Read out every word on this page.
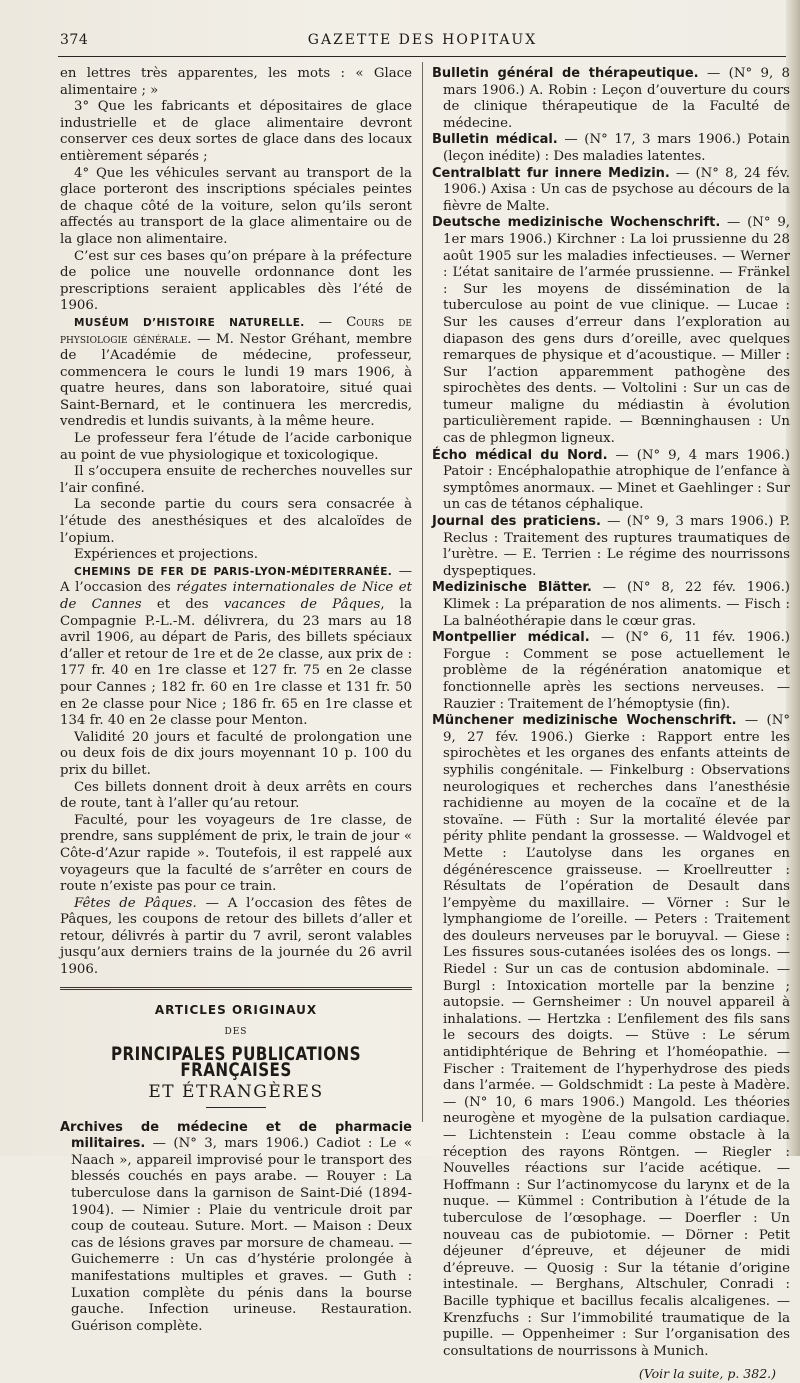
374	GAZETTE DES HOPITAUX

en lettres très apparentes, les mots : « Glace alimentaire ; »

3° Que les fabricants et dépositaires de glace industrielle et de glace alimentaire devront conserver ces deux sortes de glace dans des locaux entièrement séparés ;

4° Que les véhicules servant au transport de la glace porteront des inscriptions spéciales peintes de chaque côté de la voiture, selon qu’ils seront affectés au transport de la glace alimentaire ou de la glace non alimentaire.

C’est sur ces bases qu’on prépare à la préfecture de police une nouvelle ordonnance dont les prescriptions seraient applicables dès l’été de 1906.

MUSÉUM D’HISTOIRE NATURELLE. — Cours de physiologie générale. — M. Nestor Gréhant, membre de l’Académie de médecine, professeur, commencera le cours le lundi 19 mars 1906, à quatre heures, dans son laboratoire, situé quai Saint-Bernard, et le continuera les mercredis, vendredis et lundis suivants, à la même heure.

Le professeur fera l’étude de l’acide carbonique au point de vue physiologique et toxicologique.

Il s’occupera ensuite de recherches nouvelles sur l’air confiné.

La seconde partie du cours sera consacrée à l’étude des anesthésiques et des alcaloïdes de l’opium.

Expériences et projections.

CHEMINS DE FER DE PARIS-LYON-MÉDITERRANÉE. — A l’occasion des régates internationales de Nice et de Cannes et des vacances de Pâques, la Compagnie P.-L.-M. délivrera, du 23 mars au 18 avril 1906, au départ de Paris, des billets spéciaux d’aller et retour de 1re et de 2e classe, aux prix de : 177 fr. 40 en 1re classe et 127 fr. 75 en 2e classe pour Cannes ; 182 fr. 60 en 1re classe et 131 fr. 50 en 2e classe pour Nice ; 186 fr. 65 en 1re classe et 134 fr. 40 en 2e classe pour Menton.

Validité 20 jours et faculté de prolongation une ou deux fois de dix jours moyennant 10 p. 100 du prix du billet.

Ces billets donnent droit à deux arrêts en cours de route, tant à l’aller qu’au retour.

Faculté, pour les voyageurs de 1re classe, de prendre, sans supplément de prix, le train de jour « Côte-d’Azur rapide ». Toutefois, il est rappelé aux voyageurs que la faculté de s’arrêter en cours de route n’existe pas pour ce train.

Fêtes de Pâques. — A l’occasion des fêtes de Pâques, les coupons de retour des billets d’aller et retour, délivrés à partir du 7 avril, seront valables jusqu’aux derniers trains de la journée du 26 avril 1906.

ARTICLES ORIGINAUX
DES
PRINCIPALES PUBLICATIONS FRANÇAISES
ET ÉTRANGÈRES

Archives de médecine et de pharmacie militaires. — (N° 3, mars 1906.) Cadiot : Le « Naach », appareil improvisé pour le transport des blessés couchés en pays arabe. — Rouyer : La tuberculose dans la garnison de Saint-Dié (1894-1904). — Nimier : Plaie du ventricule droit par coup de couteau. Suture. Mort. — Maison : Deux cas de lésions graves par morsure de chameau. — Guichemerre : Un cas d’hystérie prolongée à manifestations multiples et graves. — Guth : Luxation complète du pénis dans la bourse gauche. Infection urineuse. Restauration. Guérison complète.

Bulletin général de thérapeutique. — (N° 9, 8 mars 1906.) A. Robin : Leçon d’ouverture du cours de clinique thérapeutique de la Faculté de médecine.

Bulletin médical. — (N° 17, 3 mars 1906.) Potain (leçon inédite) : Des maladies latentes.

Centralblatt fur innere Medizin. — (N° 8, 24 fév. 1906.) Axisa : Un cas de psychose au décours de la fièvre de Malte.

Deutsche medizinische Wochenschrift. — (N° 9, 1er mars 1906.) Kirchner : La loi prussienne du 28 août 1905 sur les maladies infectieuses. — Werner : L’état sanitaire de l’armée prussienne. — Fränkel : Sur les moyens de dissémination de la tuberculose au point de vue clinique. — Lucae : Sur les causes d’erreur dans l’exploration au diapason des gens durs d’oreille, avec quelques remarques de physique et d’acoustique. — Miller : Sur l’action apparemment pathogène des spirochètes des dents. — Voltolini : Sur un cas de tumeur maligne du médiastin à évolution particulièrement rapide. — Bœnninghausen : Un cas de phlegmon ligneux.

Écho médical du Nord. — (N° 9, 4 mars 1906.) Patoir : Encéphalopathie atrophique de l’enfance à symptômes anormaux. — Minet et Gaehlinger : Sur un cas de tétanos céphalique.

Journal des praticiens. — (N° 9, 3 mars 1906.) P. Reclus : Traitement des ruptures traumatiques de l’urètre. — E. Terrien : Le régime des nourrissons dyspeptiques.

Medizinische Blätter. — (N° 8, 22 fév. 1906.) Klimek : La préparation de nos aliments. — Fisch : La balnéothérapie dans le cœur gras.

Montpellier médical. — (N° 6, 11 fév. 1906.) Forgue : Comment se pose actuellement le problème de la régénération anatomique et fonctionnelle après les sections nerveuses. — Rauzier : Traitement de l’hémoptysie (fin).

Münchener medizinische Wochenschrift. — (N° 9, 27 fév. 1906.) Gierke : Rapport entre les spirochètes et les organes des enfants atteints de syphilis congénitale. — Finkelburg : Observations neurologiques et recherches dans l’anesthésie rachidienne au moyen de la cocaïne et de la stovaïne. — Füth : Sur la mortalité élevée par périty phlite pendant la grossesse. — Waldvogel et Mette : L’autolyse dans les organes en dégénérescence graisseuse. — Kroellreutter : Résultats de l’opération de Desault dans l’empyème du maxillaire. — Vörner : Sur le lymphangiome de l’oreille. — Peters : Traitement des douleurs nerveuses par le boruyval. — Giese : Les fissures sous-cutanées isolées des os longs. — Riedel : Sur un cas de contusion abdominale. — Burgl : Intoxication mortelle par la benzine ; autopsie. — Gernsheimer : Un nouvel appareil à inhalations. — Hertzka : L’enfilement des fils sans le secours des doigts. — Stüve : Le sérum antidiphtérique de Behring et l’homéopathie. — Fischer : Traitement de l’hyperhydrose des pieds dans l’armée. — Goldschmidt : La peste à Madère. — (N° 10, 6 mars 1906.) Mangold. Les théories neurogène et myogène de la pulsation cardiaque. — Lichtenstein : L’eau comme obstacle à la réception des rayons Röntgen. — Riegler : Nouvelles réactions sur l’acide acétique. — Hoffmann : Sur l’actinomycose du larynx et de la nuque. — Kümmel : Contribution à l’étude de la tuberculose de l’œsophage. — Doerfler : Un nouveau cas de pubiotomie. — Dörner : Petit déjeuner d’épreuve, et déjeuner de midi d’épreuve. — Quosig : Sur la tétanie d’origine intestinale. — Berghans, Altschuler, Conradi : Bacille typhique et bacillus fecalis alcaligenes. — Krenzfuchs : Sur l’immobilité traumatique de la pupille. — Oppenheimer : Sur l’organisation des consultations de nourrissons à Munich.

(Voir la suite, p. 382.)
